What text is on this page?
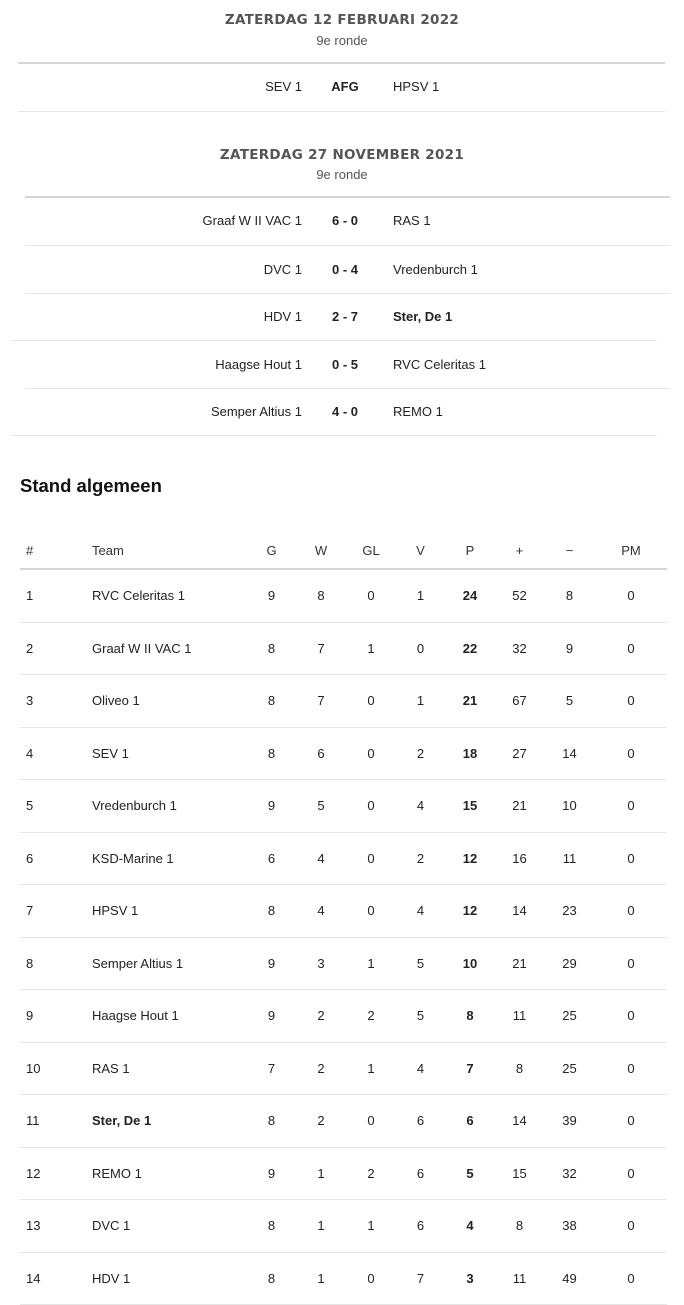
ZATERDAG 12 FEBRUARI 2022
9e ronde
SEV 1	AFG	HPSV 1
ZATERDAG 27 NOVEMBER 2021
9e ronde
Graaf W II VAC 1	6 - 0	RAS 1
DVC 1	0 - 4	Vredenburch 1
HDV 1	2 - 7	Ster, De 1
Haagse Hout 1	0 - 5	RVC Celeritas 1
Semper Altius 1	4 - 0	REMO 1
Stand algemeen
#	Team	G	W	GL	V	P	+	−	PM
1	RVC Celeritas 1	9	8	0	1	24	52	8	0
2	Graaf W II VAC 1	8	7	1	0	22	32	9	0
3	Oliveo 1	8	7	0	1	21	67	5	0
4	SEV 1	8	6	0	2	18	27	14	0
5	Vredenburch 1	9	5	0	4	15	21	10	0
6	KSD-Marine 1	6	4	0	2	12	16	11	0
7	HPSV 1	8	4	0	4	12	14	23	0
8	Semper Altius 1	9	3	1	5	10	21	29	0
9	Haagse Hout 1	9	2	2	5	8	11	25	0
10	RAS 1	7	2	1	4	7	8	25	0
11	Ster, De 1	8	2	0	6	6	14	39	0
12	REMO 1	9	1	2	6	5	15	32	0
13	DVC 1	8	1	1	6	4	8	38	0
14	HDV 1	8	1	0	7	3	11	49	0
